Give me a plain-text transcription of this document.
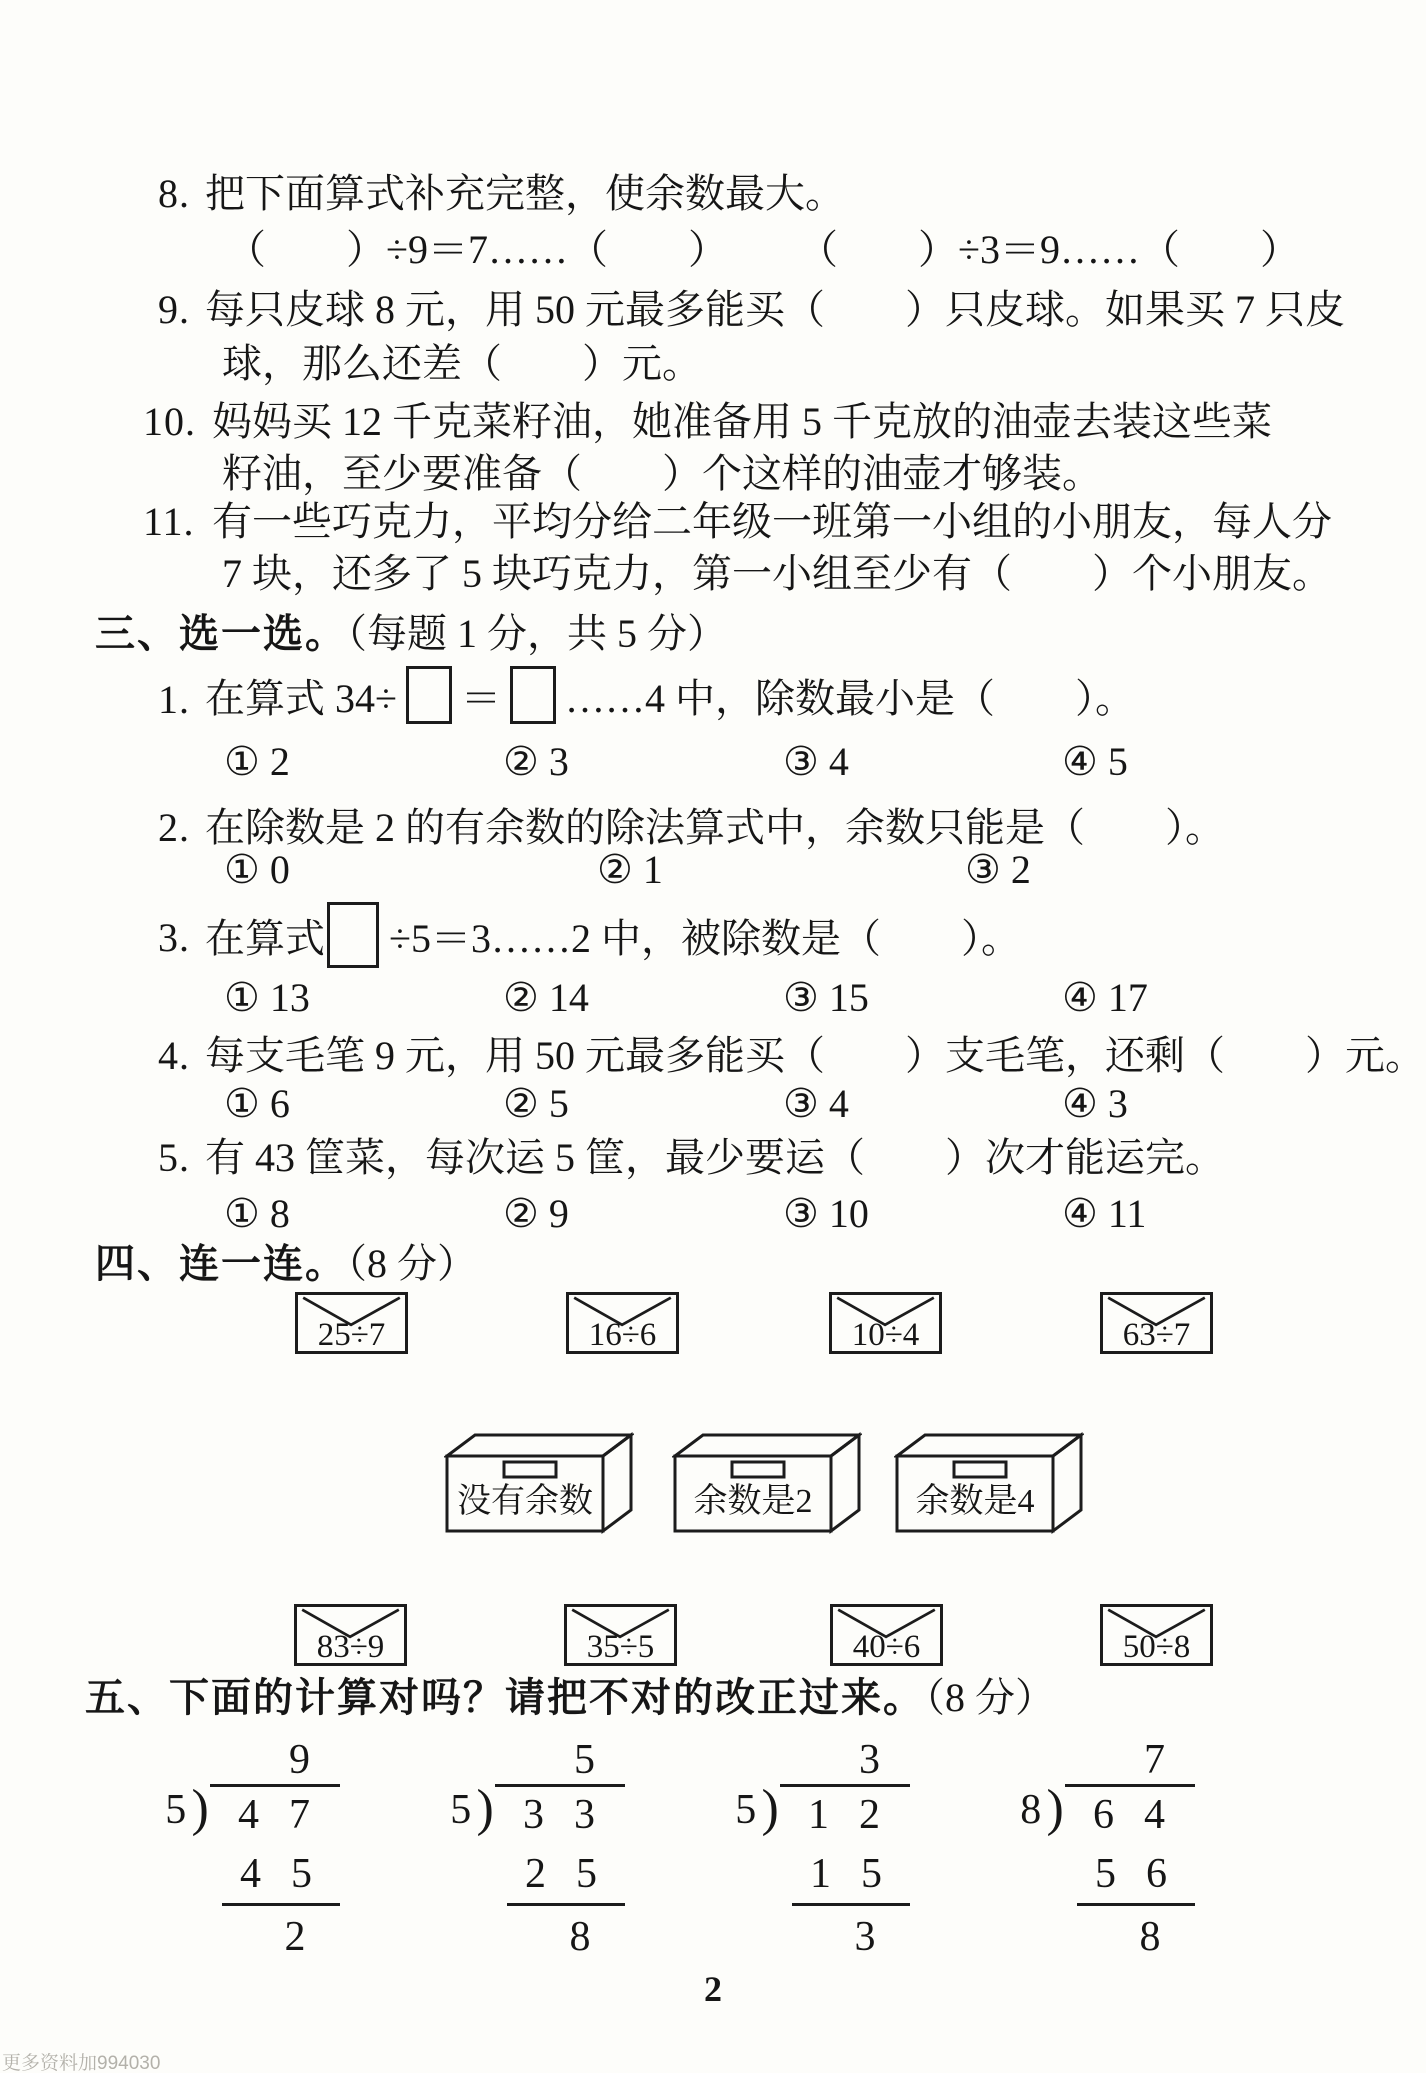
8. 把下面算式补充完整，使余数最大。
（　　）÷9＝7……（　　） （　　）÷3＝9……（　　）
9. 每只皮球 8 元，用 50 元最多能买（　　）只皮球。如果买 7 只皮
球，那么还差（　　）元。
10. 妈妈买 12 千克菜籽油，她准备用 5 千克放的油壶去装这些菜
籽油，至少要准备（　　）个这样的油壶才够装。
11. 有一些巧克力，平均分给二年级一班第一小组的小朋友，每人分
7 块，还多了 5 块巧克力，第一小组至少有（　　）个小朋友。
三、选一选。（每题 1 分，共 5 分）
1. 在算式 34÷ ＝ ……4 中，除数最小是（　　）。
① 2	② 3	③ 4	④ 5
2. 在除数是 2 的有余数的除法算式中，余数只能是（　　）。
① 0	② 1	③ 2
3. 在算式 ÷5＝3……2 中，被除数是（　　）。
① 13	② 14	③ 15	④ 17
4. 每支毛笔 9 元，用 50 元最多能买（　　）支毛笔，还剩（　　）元。
① 6	② 5	③ 4	④ 3
5. 有 43 筐菜，每次运 5 筐，最少要运（　　）次才能运完。
① 8	② 9	③ 10	④ 11
四、连一连。（8 分）
25÷7	16÷6	10÷4	63÷7
没有余数	余数是2	余数是4
83÷9	35÷5	40÷6	50÷8
五、下面的计算对吗？请把不对的改正过来。（8 分）
9
5 ) 47
45
2
5
5 ) 33
25
8
3
5 ) 12
15
3
7
8 ) 64
56
8
2
更多资料加994030
